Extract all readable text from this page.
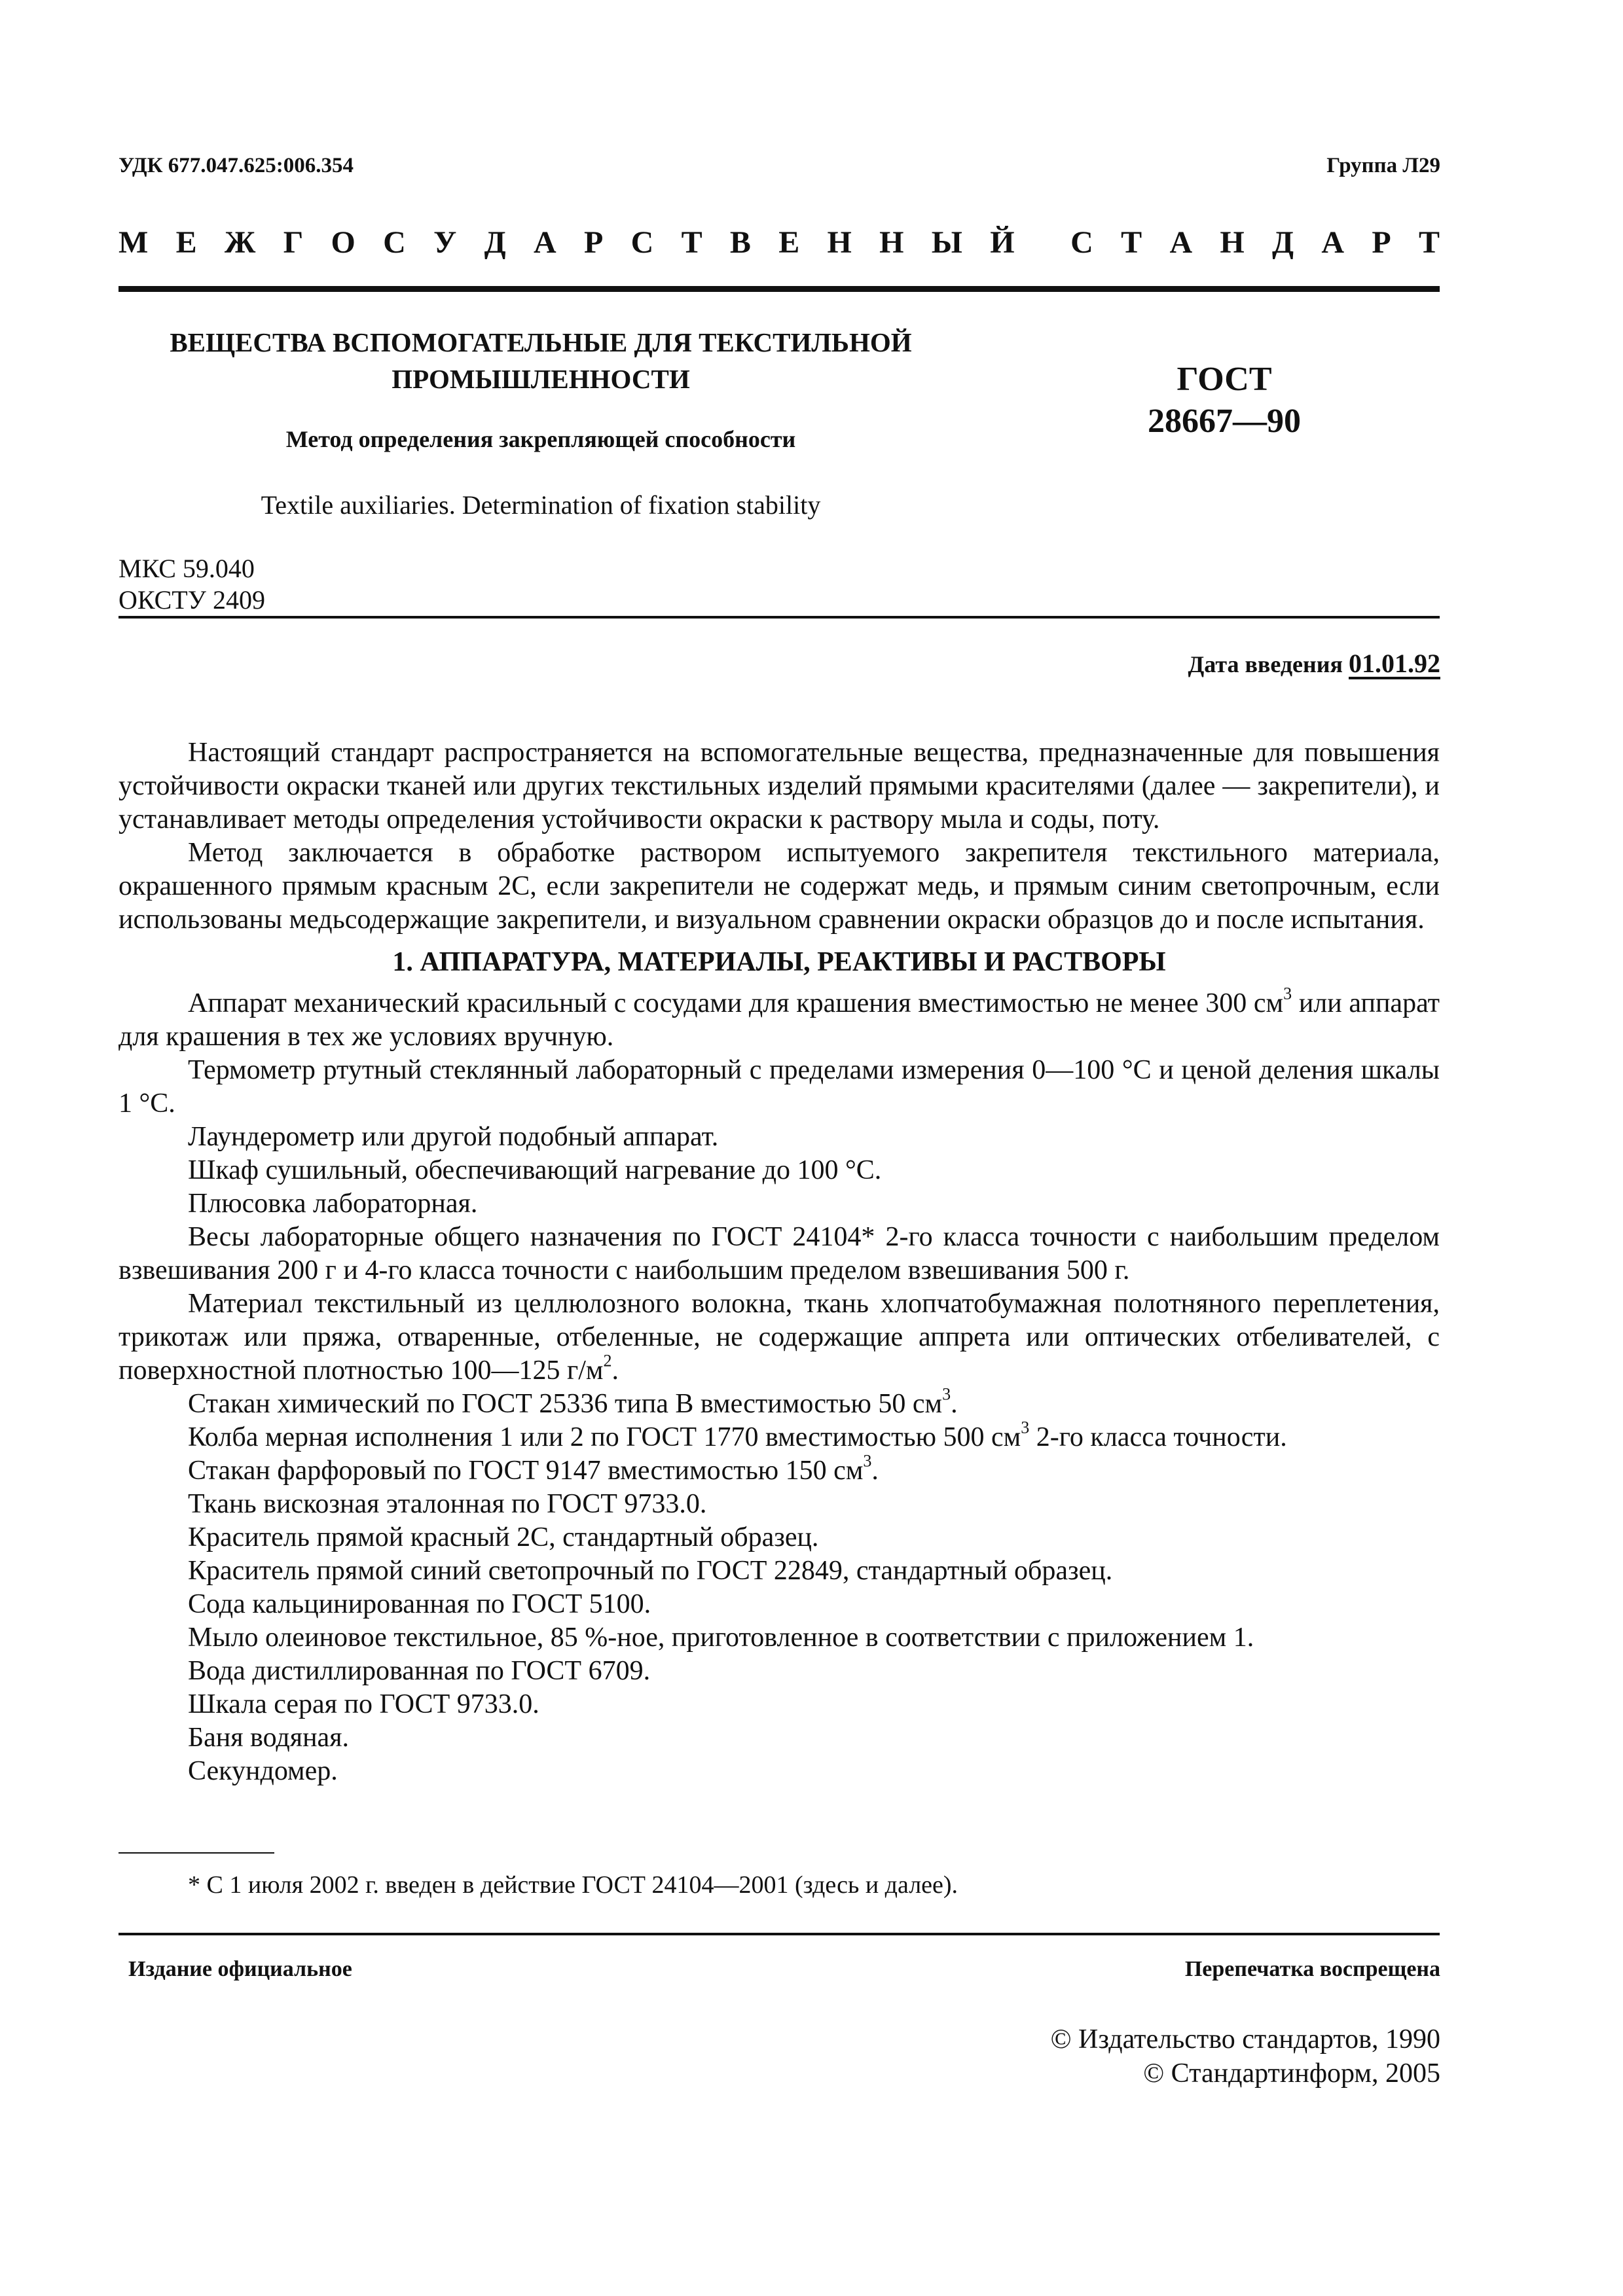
УДК 677.047.625:006.354	Группа Л29
М Е Ж Г О С У Д А Р С Т В Е Н Н Ы Й С Т А Н Д А Р Т
ВЕЩЕСТВА ВСПОМОГАТЕЛЬНЫЕ ДЛЯ ТЕКСТИЛЬНОЙ
ПРОМЫШЛЕННОСТИ
Метод определения закрепляющей способности
Textile auxiliaries. Determination of fixation stability
ГОСТ
28667—90
МКС 59.040
ОКСТУ 2409
Дата введения 01.01.92

Настоящий стандарт распространяется на вспомогательные вещества, предназначенные для повышения устойчивости окраски тканей или других текстильных изделий прямыми красителями (далее — закрепители), и устанавливает методы определения устойчивости окраски к раствору мыла и соды, поту.

Метод заключается в обработке раствором испытуемого закрепителя текстильного материала, окрашенного прямым красным 2С, если закрепители не содержат медь, и прямым синим светопрочным, если использованы медьсодержащие закрепители, и визуальном сравнении окраски образцов до и после испытания.

1. АППАРАТУРА, МАТЕРИАЛЫ, РЕАКТИВЫ И РАСТВОРЫ

Аппарат механический красильный с сосудами для крашения вместимостью не менее 300 $см^3$ или аппарат для крашения в тех же условиях вручную.

Термометр ртутный стеклянный лабораторный с пределами измерения 0—100 °С и ценой деления шкалы 1 °С.

Лаундерометр или другой подобный аппарат.

Шкаф сушильный, обеспечивающий нагревание до 100 °С.

Плюсовка лабораторная.

Весы лабораторные общего назначения по ГОСТ 24104* 2-го класса точности с наибольшим пределом взвешивания 200 г и 4-го класса точности с наибольшим пределом взвешивания 500 г.

Материал текстильный из целлюлозного волокна, ткань хлопчатобумажная полотняного переплетения, трикотаж или пряжа, отваренные, отбеленные, не содержащие аппрета или оптических отбеливателей, с поверхностной плотностью 100—125 $г/м^2$.

Стакан химический по ГОСТ 25336 типа В вместимостью 50 $см^3$.

Колба мерная исполнения 1 или 2 по ГОСТ 1770 вместимостью 500 $см^3$ 2-го класса точности.

Стакан фарфоровый по ГОСТ 9147 вместимостью 150 $см^3$.

Ткань вискозная эталонная по ГОСТ 9733.0.

Краситель прямой красный 2С, стандартный образец.

Краситель прямой синий светопрочный по ГОСТ 22849, стандартный образец.

Сода кальцинированная по ГОСТ 5100.

Мыло олеиновое текстильное, 85 %-ное, приготовленное в соответствии с приложением 1.

Вода дистиллированная по ГОСТ 6709.

Шкала серая по ГОСТ 9733.0.

Баня водяная.

Секундомер.

* С 1 июля 2002 г. введен в действие ГОСТ 24104—2001 (здесь и далее).
Издание официальное	Перепечатка воспрещена
© Издательство стандартов, 1990
© Стандартинформ, 2005
